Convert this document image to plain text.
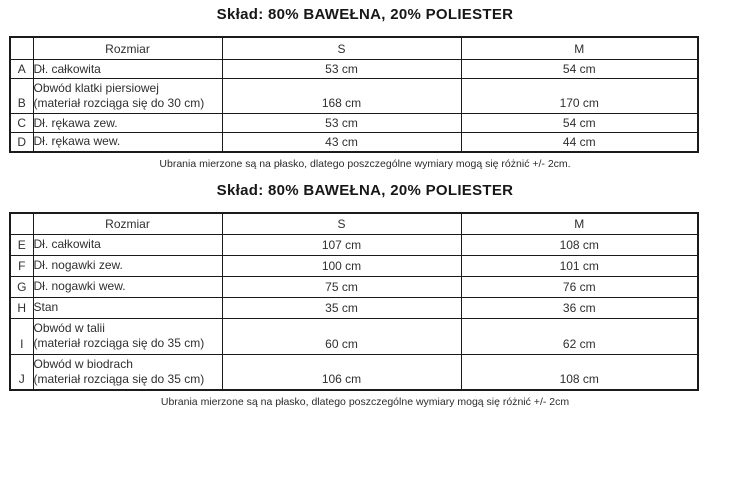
Skład: 80% BAWEŁNA, 20% POLIESTER
	Rozmiar	S	M
A	Dł. całkowita	53 cm	54 cm
B	Obwód klatki piersiowej
(materiał rozciąga się do 30 cm)	168 cm	170 cm
C	Dł. rękawa zew.	53 cm	54 cm
D	Dł. rękawa wew.	43 cm	44 cm

Ubrania mierzone są na płasko, dlatego poszczególne wymiary mogą się różnić +/- 2cm.

Skład: 80% BAWEŁNA, 20% POLIESTER
	Rozmiar	S	M
E	Dł. całkowita	107 cm	108 cm
F	Dł. nogawki zew.	100 cm	101 cm
G	Dł. nogawki wew.	75 cm	76 cm
H	Stan	35 cm	36 cm
I	Obwód w talii
(materiał rozciąga się do 35 cm)	60 cm	62 cm
J	Obwód w biodrach
(materiał rozciąga się do 35 cm)	106 cm	108 cm

Ubrania mierzone są na płasko, dlatego poszczególne wymiary mogą się różnić +/- 2cm
